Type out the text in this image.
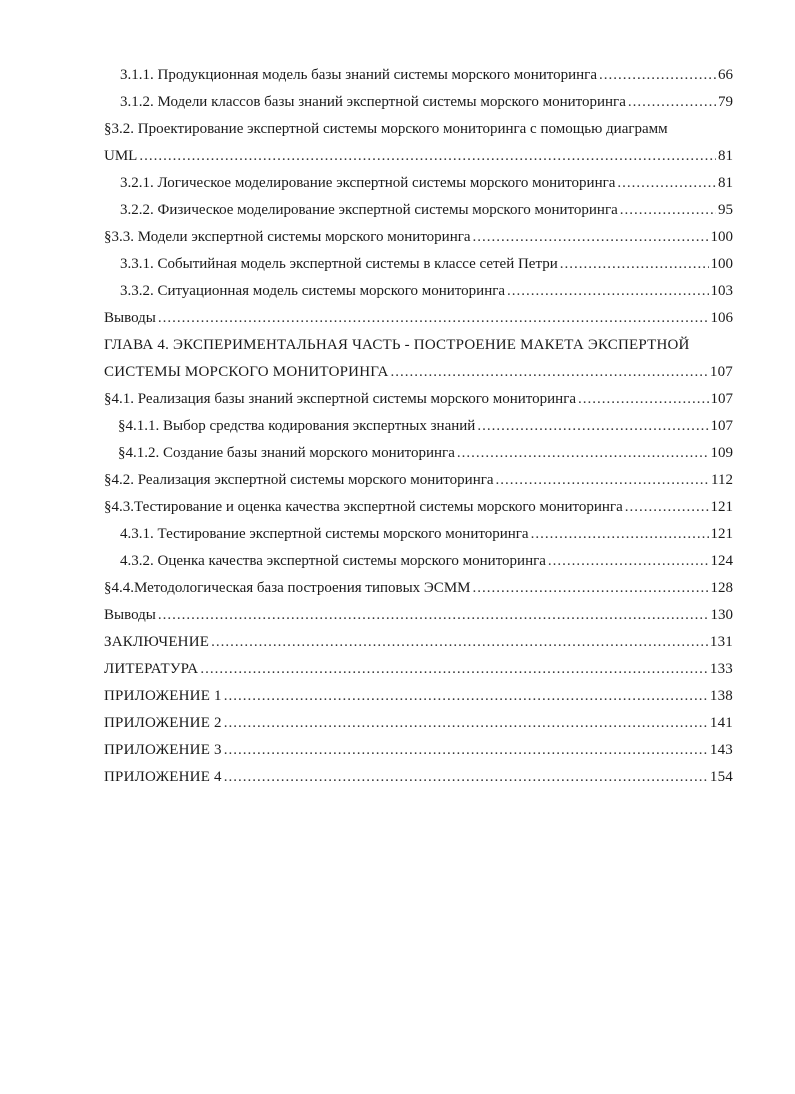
3.1.1. Продукционная модель базы знаний системы морского мониторинга .....	66
3.1.2. Модели классов базы знаний экспертной системы морского мониторинга .....	79
§3.2. Проектирование экспертной системы морского мониторинга с помощью диаграмм
UML .....	81
3.2.1. Логическое моделирование экспертной системы морского мониторинга .....	81
3.2.2. Физическое моделирование экспертной системы морского мониторинга .....	95
§3.3. Модели экспертной системы морского мониторинга .....	100
3.3.1. Событийная модель экспертной системы в классе сетей Петри .....	100
3.3.2. Ситуационная модель системы морского мониторинга .....	103
Выводы .....	106
ГЛАВА 4. ЭКСПЕРИМЕНТАЛЬНАЯ ЧАСТЬ - ПОСТРОЕНИЕ МАКЕТА ЭКСПЕРТНОЙ
СИСТЕМЫ МОРСКОГО МОНИТОРИНГА .....	107
§4.1. Реализация базы знаний экспертной системы морского мониторинга .....	107
§4.1.1. Выбор средства кодирования экспертных знаний .....	107
§4.1.2. Создание базы знаний морского мониторинга .....	109
§4.2. Реализация экспертной системы морского мониторинга .....	112
§4.3.Тестирование и оценка качества экспертной системы морского мониторинга .....	121
4.3.1. Тестирование экспертной системы морского мониторинга .....	121
4.3.2. Оценка качества экспертной системы морского мониторинга .....	124
§4.4.Методологическая база построения типовых ЭСММ .....	128
Выводы .....	130
ЗАКЛЮЧЕНИЕ .....	131
ЛИТЕРАТУРА .....	133
ПРИЛОЖЕНИЕ 1 .....	138
ПРИЛОЖЕНИЕ 2 .....	141
ПРИЛОЖЕНИЕ 3 .....	143
ПРИЛОЖЕНИЕ 4 .....	154
